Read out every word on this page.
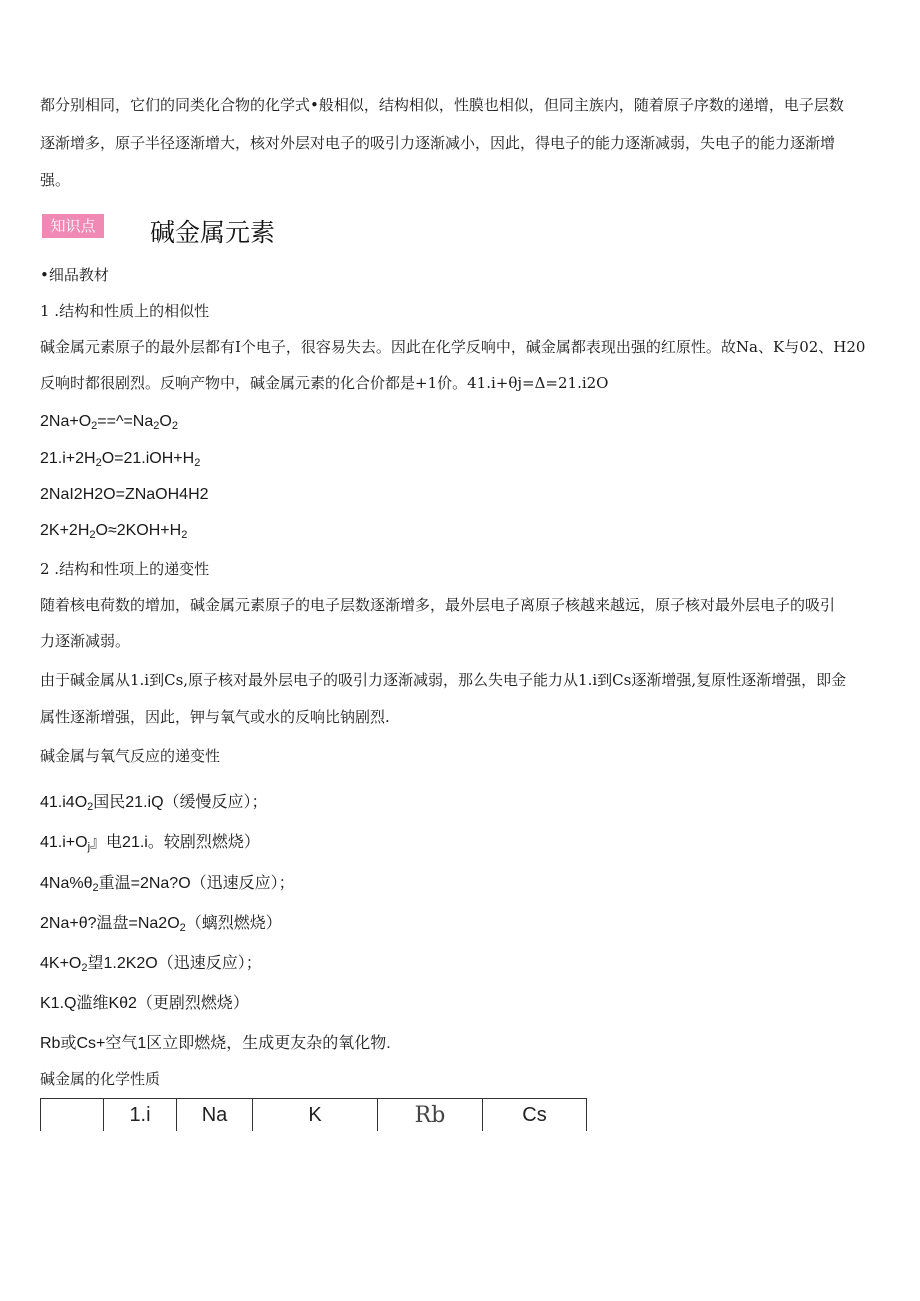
都分别相同，它们的同类化合物的化学式•般相似，结构相似，性膜也相似，但同主族内，随着原子序数的递增，电子层数
逐渐增多，原子半径逐渐增大，核对外层对电子的吸引力逐渐减小，因此，得电子的能力逐渐减弱，失电子的能力逐渐增
强。
知识点	碱金属元素
•细品教材
1 .结构和性质上的相似性
碱金属元素原子的最外层都有I个电子，很容易失去。因此在化学反响中，碱金属都表现出强的红原性。故Na、K与02、H20
反响时都很剧烈。反响产物中，碱金属元素的化合价都是+1价。41.i+θj=Δ=21.i2O
$2Na+O_2==\^{}=Na_2O_2$
$21.i+2H_2O=21.iOH+H_2$
2NaI2H2O=ZNaOH4H2
$2K+2H_2O\approx 2KOH+H_2$
2 .结构和性项上的递变性
随着核电荷数的增加，碱金属元素原子的电子层数逐渐增多，最外层电子离原子核越来越远，原子核对最外层电子的吸引
力逐渐减弱。
由于碱金属从1.i到Cs,原子核对最外层电子的吸引力逐渐减弱，那么失电子能力从1.i到Cs逐渐增强,复原性逐渐增强，即金
属性逐渐增强，因此，钾与氧气或水的反响比钠剧烈.
碱金属与氧气反应的递变性
$41.i4O_2$国民21.iQ（缓慢反应）；
$41.i+O_j$』电21.i。较剧烈燃烧）
$4Na\%\theta_2$重温=2Na?O（迅速反应）；
2Na+θ?温盘$=Na2O_2$（螭烈燃烧）
$4K+O_2$望1.2K2O（迅速反应）；
K1.Q滥维Kθ2（更剧烈燃烧）
Rb或Cs+空气1区立即燃烧，生成更友杂的氧化物.
碱金属的化学性质
1.i	Na	K	Rb	Cs
